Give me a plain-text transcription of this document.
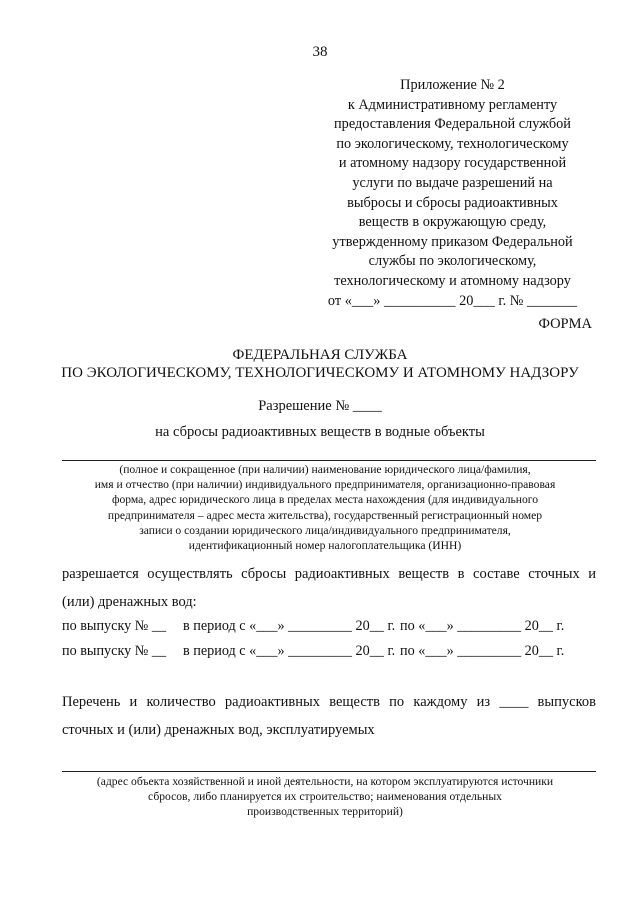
38
Приложение № 2
к Административному регламенту
предоставления Федеральной службой
по экологическому, технологическому
и атомному надзору государственной
услуги по выдаче разрешений на
выбросы и сбросы радиоактивных
веществ в окружающую среду,
утвержденному приказом Федеральной
службы по экологическому,
технологическому и атомному надзору
от «___» __________ 20___ г. № _______
ФОРМА
ФЕДЕРАЛЬНАЯ СЛУЖБА
ПО ЭКОЛОГИЧЕСКОМУ, ТЕХНОЛОГИЧЕСКОМУ И АТОМНОМУ НАДЗОРУ
Разрешение № ____
на сбросы радиоактивных веществ в водные объекты
(полное и сокращенное (при наличии) наименование юридического лица/фамилия,
имя и отчество (при наличии) индивидуального предпринимателя, организационно-правовая
форма, адрес юридического лица в пределах места нахождения (для индивидуального
предпринимателя – адрес места жительства), государственный регистрационный номер
записи о создании юридического лица/индивидуального предпринимателя,
идентификационный номер налогоплательщика (ИНН)
разрешается осуществлять сбросы радиоактивных веществ в составе сточных и
(или) дренажных вод:
по выпуску № __ в период с «___» _________ 20__ г. по «___» _________ 20__ г.
по выпуску № __ в период с «___» _________ 20__ г. по «___» _________ 20__ г.
Перечень и количество радиоактивных веществ по каждому из ____ выпусков
сточных и (или) дренажных вод, эксплуатируемых
(адрес объекта хозяйственной и иной деятельности, на котором эксплуатируются источники
сбросов, либо планируется их строительство; наименования отдельных
производственных территорий)
